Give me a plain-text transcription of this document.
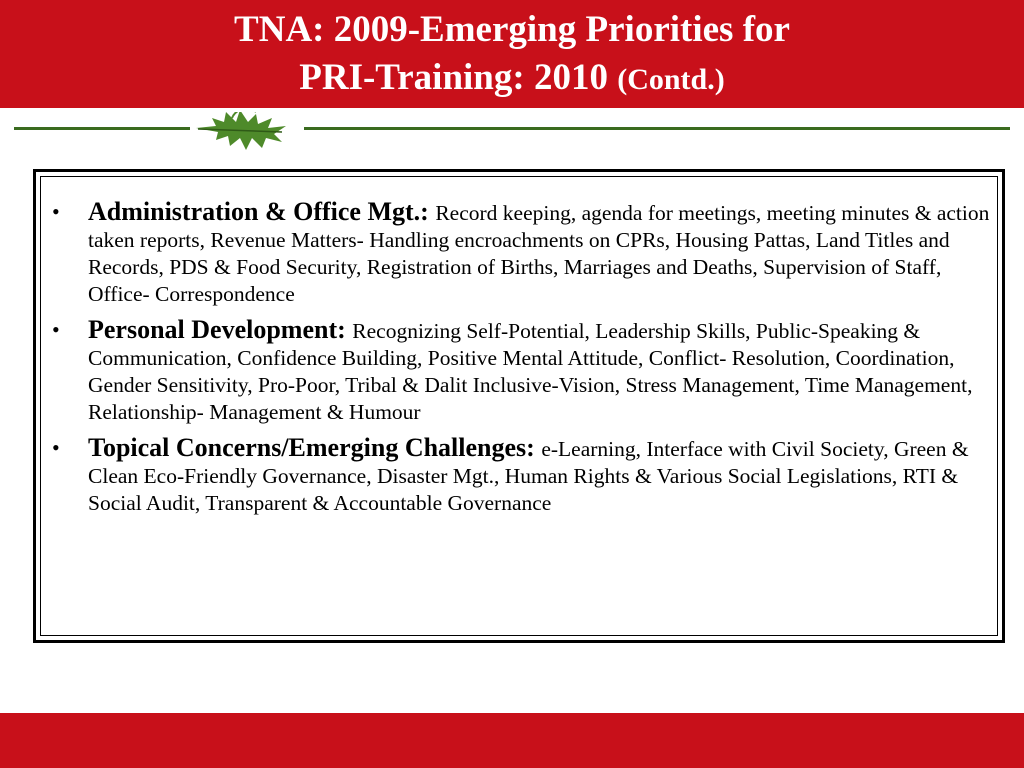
TNA: 2009-Emerging Priorities for
PRI-Training: 2010 (Contd.)
• Administration & Office Mgt.: Record keeping, agenda for meetings, meeting minutes & action taken reports, Revenue Matters- Handling encroachments on CPRs, Housing Pattas, Land Titles and Records, PDS & Food Security, Registration of Births, Marriages and Deaths, Supervision of Staff, Office- Correspondence
• Personal Development: Recognizing Self-Potential, Leadership Skills, Public-Speaking & Communication, Confidence Building, Positive Mental Attitude, Conflict- Resolution, Coordination, Gender Sensitivity, Pro-Poor, Tribal & Dalit Inclusive-Vision, Stress Management, Time Management, Relationship- Management & Humour
• Topical Concerns/Emerging Challenges: e-Learning, Interface with Civil Society, Green & Clean Eco-Friendly Governance, Disaster Mgt., Human Rights & Various Social Legislations, RTI & Social Audit, Transparent & Accountable Governance
